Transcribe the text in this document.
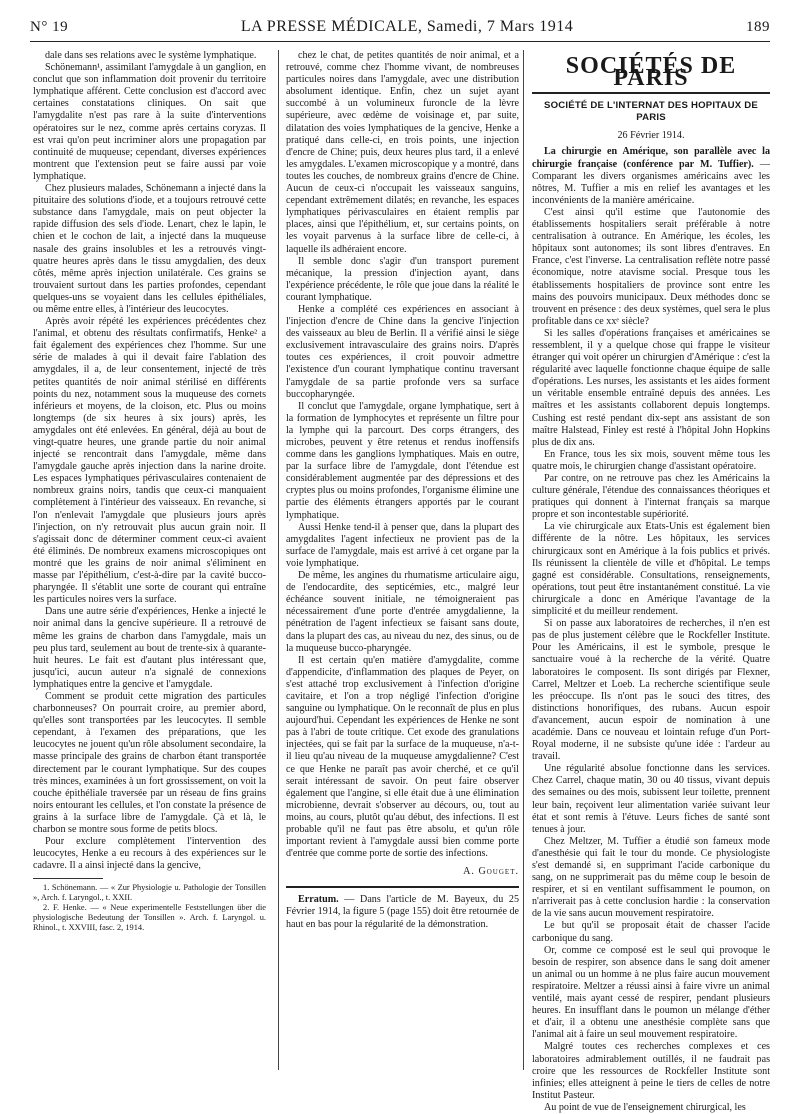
N° 19	LA PRESSE MÉDICALE, Samedi, 7 Mars 1914	189

dale dans ses relations avec le système lymphatique.

Schönemann¹, assimilant l'amygdale à un ganglion, en conclut que son inflammation doit provenir du territoire lymphatique afférent. Cette conclusion est d'accord avec certaines constatations cliniques. On sait que l'amygdalite n'est pas rare à la suite d'interventions opératoires sur le nez, comme après certains coryzas. Il est vrai qu'on peut incriminer alors une propagation par continuité de muqueuse; cependant, diverses expériences montrent que l'extension peut se faire aussi par voie lymphatique.

Chez plusieurs malades, Schönemann a injecté dans la pituitaire des solutions d'iode, et a toujours retrouvé cette substance dans l'amygdale, mais on peut objecter la rapide diffusion des sels d'iode. Lenart, chez le lapin, le chien et le cochon de lait, a injecté dans la muqueuse nasale des grains insolubles et les a retrouvés vingt-quatre heures après dans le tissu amygdalien, des deux côtés, même après injection unilatérale. Ces grains se trouvaient surtout dans les parties profondes, cependant quelques-uns se voyaient dans les cellules épithéliales, ou même entre elles, à l'intérieur des leucocytes.

Après avoir répété les expériences précédentes chez l'animal, et obtenu des résultats confirmatifs, Henke² a fait également des expériences chez l'homme. Sur une série de malades à qui il devait faire l'ablation des amygdales, il a, de leur consentement, injecté de très petites quantités de noir animal stérilisé en différents points du nez, notamment sous la muqueuse des cornets inférieurs et moyens, de la cloison, etc. Plus ou moins longtemps (de six heures à six jours) après, les amygdales ont été enlevées. En général, déjà au bout de vingt-quatre heures, une grande partie du noir animal injecté se rencontrait dans l'amygdale, même dans l'amygdale gauche après injection dans la narine droite. Les espaces lymphatiques périvasculaires contenaient de nombreux grains noirs, tandis que ceux-ci manquaient complètement à l'intérieur des vaisseaux. En revanche, si l'on n'enlevait l'amygdale que plusieurs jours après l'injection, on n'y retrouvait plus aucun grain noir. Il s'agissait donc de déterminer comment ceux-ci avaient été éliminés. De nombreux examens microscopiques ont montré que les grains de noir animal s'éliminent en masse par l'épithélium, c'est-à-dire par la cavité bucco-pharyngée. Il s'établit une sorte de courant qui entraîne les particules noires vers la surface.

Dans une autre série d'expériences, Henke a injecté le noir animal dans la gencive supérieure. Il a retrouvé de même les grains de charbon dans l'amygdale, mais un peu plus tard, seulement au bout de trente-six à quarante-huit heures. Le fait est d'autant plus intéressant que, jusqu'ici, aucun auteur n'a signalé de connexions lymphatiques entre la gencive et l'amygdale.

Comment se produit cette migration des particules charbonneuses? On pourrait croire, au premier abord, qu'elles sont transportées par les leucocytes. Il semble cependant, à l'examen des préparations, que les leucocytes ne jouent qu'un rôle absolument secondaire, la masse principale des grains de charbon étant transportée directement par le courant lymphatique. Sur des coupes très minces, examinées à un fort grossissement, on voit la couche épithéliale traversée par un réseau de fins grains noirs entourant les cellules, et l'on constate la présence de grains à la surface libre de l'amygdale. Çà et là, le charbon se montre sous forme de petits blocs.

Pour exclure complètement l'intervention des leucocytes, Henke a eu recours à des expériences sur le cadavre. Il a ainsi injecté dans la gencive,

1. Schönemann. — « Zur Physiologie u. Pathologie der Tonsillen », Arch. f. Laryngol., t. XXII.

2. F. Henke. — « Neue experimentelle Feststellungen über die physiologische Bedeutung der Tonsillen ». Arch. f. Laryngol. u. Rhinol., t. XXVIII, fasc. 2, 1914.

chez le chat, de petites quantités de noir animal, et a retrouvé, comme chez l'homme vivant, de nombreuses particules noires dans l'amygdale, avec une distribution absolument identique. Enfin, chez un sujet ayant succombé à un volumineux furoncle de la lèvre supérieure, avec œdème de voisinage et, par suite, dilatation des voies lymphatiques de la gencive, Henke a pratiqué dans celle-ci, en trois points, une injection d'encre de Chine; puis, deux heures plus tard, il a enlevé les amygdales. L'examen microscopique y a montré, dans toutes les couches, de nombreux grains d'encre de Chine. Aucun de ceux-ci n'occupait les vaisseaux sanguins, cependant extrêmement dilatés; en revanche, les espaces lymphatiques périvasculaires en étaient remplis par places, ainsi que l'épithélium, et, sur certains points, on les voyait parvenus à la surface libre de celle-ci, à laquelle ils adhéraient encore.

Il semble donc s'agir d'un transport purement mécanique, la pression d'injection ayant, dans l'expérience précédente, le rôle que joue dans la réalité le courant lymphatique.

Henke a complété ces expériences en associant à l'injection d'encre de Chine dans la gencive l'injection des vaisseaux au bleu de Berlin. Il a vérifié ainsi le siège exclusivement intravasculaire des grains noirs. D'après toutes ces expériences, il croit pouvoir admettre l'existence d'un courant lymphatique continu traversant l'amygdale de sa partie profonde vers sa surface buccopharyngée.

Il conclut que l'amygdale, organe lymphatique, sert à la formation de lymphocytes et représente un filtre pour la lymphe qui la parcourt. Des corps étrangers, des microbes, peuvent y être retenus et rendus inoffensifs comme dans les ganglions lymphatiques. Mais en outre, par la surface libre de l'amygdale, dont l'étendue est considérablement augmentée par des dépressions et des cryptes plus ou moins profondes, l'organisme élimine une partie des éléments étrangers apportés par le courant lymphatique.

Aussi Henke tend-il à penser que, dans la plupart des amygdalites l'agent infectieux ne provient pas de la surface de l'amygdale, mais est arrivé à cet organe par la voie lymphatique.

De même, les angines du rhumatisme articulaire aigu, de l'endocardite, des septicémies, etc., malgré leur échéance souvent initiale, ne témoigneraient pas nécessairement d'une porte d'entrée amygdalienne, la pénétration de l'agent infectieux se faisant sans doute, dans la plupart des cas, au niveau du nez, des sinus, ou de la muqueuse bucco-pharyngée.

Il est certain qu'en matière d'amygdalite, comme d'appendicite, d'inflammation des plaques de Peyer, on s'est attaché trop exclusivement à l'infection d'origine cavitaire, et l'on a trop négligé l'infection d'origine sanguine ou lymphatique. On le reconnaît de plus en plus aujourd'hui. Cependant les expériences de Henke ne sont pas à l'abri de toute critique. Cet exode des granulations injectées, qui se fait par la surface de la muqueuse, n'a-t-il lieu qu'au niveau de la muqueuse amygdalienne? C'est ce que Henke ne paraît pas avoir cherché, et ce qu'il serait intéressant de savoir. On peut faire observer également que l'angine, si elle était due à une élimination microbienne, devrait s'observer au décours, ou, tout au moins, au cours, plutôt qu'au début, des infections. Il est probable qu'il ne faut pas être absolu, et qu'un rôle important revient à l'amygdale aussi bien comme porte d'entrée que comme porte de sortie des infections.

A. Gouget.

Erratum. — Dans l'article de M. Bayeux, du 25 Février 1914, la figure 5 (page 155) doit être retournée de haut en bas pour la régularité de la démonstration.

SOCIÉTÉS DE PARIS
SOCIÉTÉ DE L'INTERNAT DES HOPITAUX DE PARIS
26 Février 1914.

La chirurgie en Amérique, son parallèle avec la chirurgie française (conférence par M. Tuffier). — Comparant les divers organismes américains avec les nôtres, M. Tuffier a mis en relief les avantages et les inconvénients de la manière américaine.

C'est ainsi qu'il estime que l'autonomie des établissements hospitaliers serait préférable à notre centralisation à outrance. En Amérique, les écoles, les hôpitaux sont autonomes; ils sont libres d'entraves. En France, c'est l'inverse. La centralisation reflète notre passé économique, notre atavisme social. Presque tous les établissements hospitaliers de province sont entre les mains des pouvoirs municipaux. Deux méthodes donc se trouvent en présence : des deux systèmes, quel sera le plus profitable dans ce xxᵉ siècle?

Si les salles d'opérations françaises et américaines se ressemblent, il y a quelque chose qui frappe le visiteur étranger qui voit opérer un chirurgien d'Amérique : c'est la régularité avec laquelle fonctionne chaque équipe de salle d'opérations. Les nurses, les assistants et les aides forment un véritable ensemble entraîné depuis des années. Les maîtres et les assistants collaborent depuis longtemps. Cushing est resté pendant dix-sept ans assistant de son maître Halstead, Finley est resté à l'hôpital John Hopkins plus de dix ans.

En France, tous les six mois, souvent même tous les quatre mois, le chirurgien change d'assistant opératoire.

Par contre, on ne retrouve pas chez les Américains la culture générale, l'étendue des connaissances théoriques et pratiques qui donnent à l'internat français sa marque propre et son incontestable supériorité.

La vie chirurgicale aux Etats-Unis est également bien différente de la nôtre. Les hôpitaux, les services chirurgicaux sont en Amérique à la fois publics et privés. Ils réunissent la clientèle de ville et d'hôpital. Le temps gagné est considérable. Consultations, renseignements, opérations, tout peut être instantanément constitué. La vie chirurgicale a donc en Amérique l'avantage de la simplicité et du meilleur rendement.

Si on passe aux laboratoires de recherches, il n'en est pas de plus justement célèbre que le Rockfeller Institute. Pour les Américains, il est le symbole, presque le sanctuaire voué à la recherche de la vérité. Quatre laboratoires le composent. Ils sont dirigés par Flexner, Carrel, Meltzer et Loeb. La recherche scientifique seule les préoccupe. Ils n'ont pas le souci des titres, des distinctions honorifiques, des rubans. Aucun espoir d'avancement, aucun espoir de nomination à une académie. Dans ce nouveau et lointain refuge d'un Port-Royal moderne, il ne subsiste qu'une idée : l'ardeur au travail.

Une régularité absolue fonctionne dans les services. Chez Carrel, chaque matin, 30 ou 40 tissus, vivant depuis des semaines ou des mois, subissent leur toilette, prennent leur bain, reçoivent leur alimentation variée suivant leur état et sont remis à l'étuve. Leurs fiches de santé sont tenues à jour.

Chez Meltzer, M. Tuffier a étudié son fameux mode d'anesthésie qui fait le tour du monde. Ce physiologiste s'est demandé si, en supprimant l'acide carbonique du sang, on ne supprimerait pas du même coup le besoin de respirer, et si en ventilant suffisamment le poumon, on n'arriverait pas à cette conclusion hardie : la conservation de la vie sans aucun mouvement respiratoire.

Le but qu'il se proposait était de chasser l'acide carbonique du sang.

Or, comme ce composé est le seul qui provoque le besoin de respirer, son absence dans le sang doit amener un animal ou un homme à ne plus faire aucun mouvement respiratoire. Meltzer a réussi ainsi à faire vivre un animal ventilé, mais ayant cessé de respirer, pendant plusieurs heures. En insufflant dans le poumon un mélange d'éther et d'air, il a obtenu une anesthésie complète sans que l'animal ait à faire un seul mouvement respiratoire.

Malgré toutes ces recherches complexes et ces laboratoires admirablement outillés, il ne faudrait pas croire que les ressources de Rockfeller Institute sont infinies; elles atteignent à peine le tiers de celles de notre Institut Pasteur.

Au point de vue de l'enseignement chirurgical, les
